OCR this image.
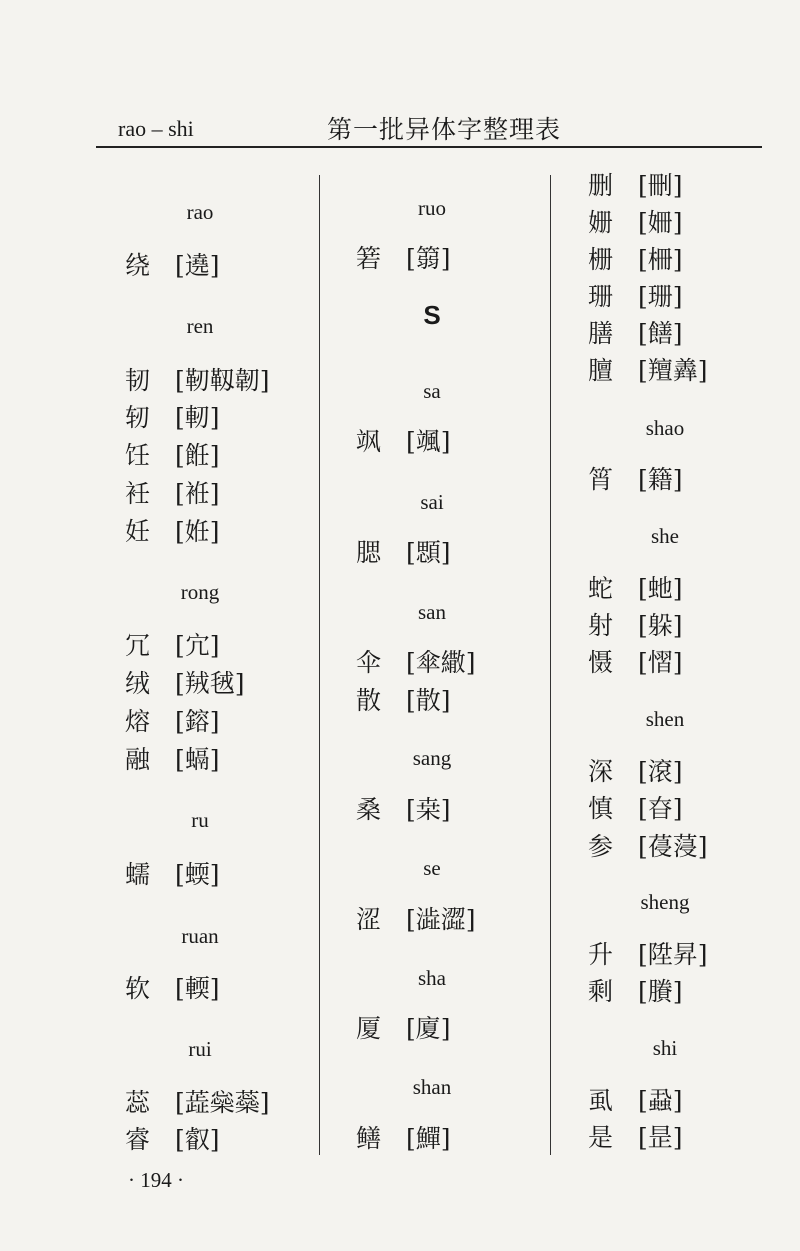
rao – shi	第一批异体字整理表
rao
绕 [遶]
ren
韧 [靭靱韌]
轫 [軔]
饪 [餁]
衽 [袵]
妊 [姙]
rong
冗 [宂]
绒 [羢毧]
熔 [鎔]
融 [螎]
ru
蠕 [蝡]
ruan
软 [輭]
rui
蕊 [蕋橤蘂]
睿 [叡]
ruo
箬 [篛]
S
sa
飒 [颯]
sai
腮 [顋]
san
伞 [傘繖]
散 [散]
sang
桑 [桒]
se
涩 [澁澀]
sha
厦 [廈]
shan
鳝 [鱓]
删 [刪]
姗 [姍]
栅 [柵]
珊 [珊]
膳 [饍]
膻 [羶羴]
shao
筲 [籍]
she
蛇 [虵]
射 [躲]
慑 [慴]
shen
深 [滾]
慎 [昚]
参 [葠蓡]
sheng
升 [陞昇]
剩 [賸]
shi
虱 [蝨]
是 [昰]
· 194 ·
